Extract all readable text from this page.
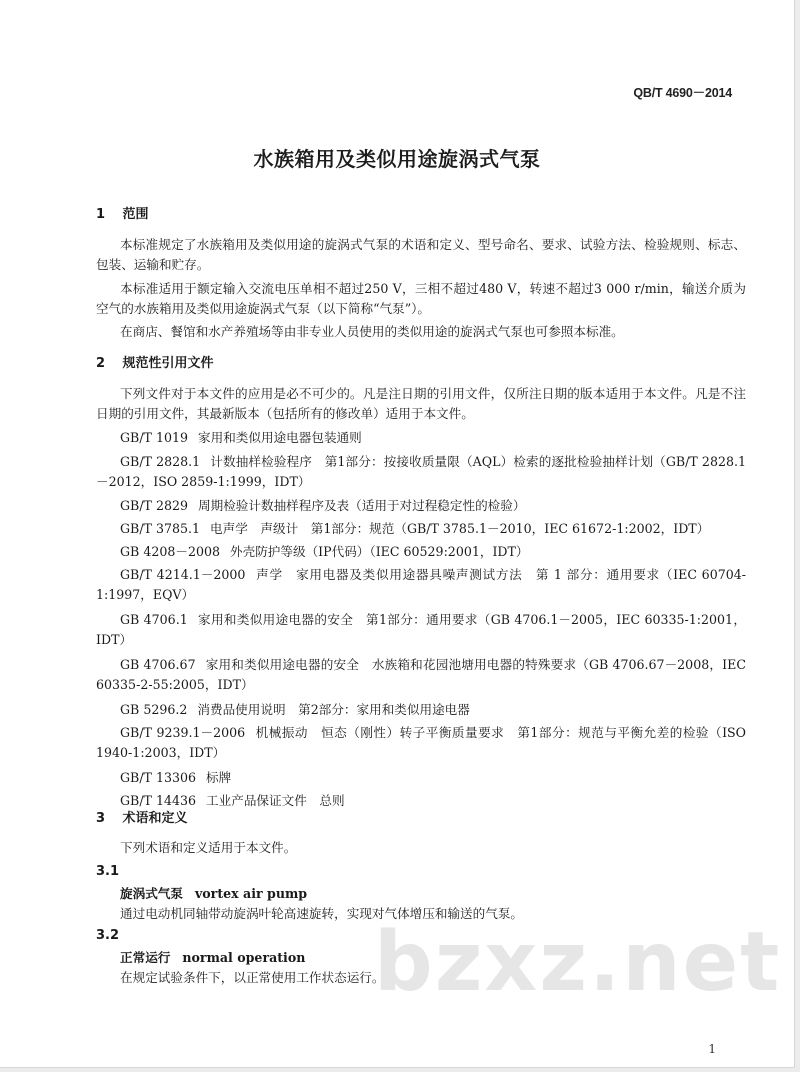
QB/T 4690－2014
水族箱用及类似用途旋涡式气泵
1 范围
本标准规定了水族箱用及类似用途的旋涡式气泵的术语和定义、型号命名、要求、试验方法、检验规则、标志、包装、运输和贮存。
本标准适用于额定输入交流电压单相不超过250 V，三相不超过480 V，转速不超过3 000 r/min，输送介质为空气的水族箱用及类似用途旋涡式气泵（以下简称“气泵”）。
在商店、餐馆和水产养殖场等由非专业人员使用的类似用途的旋涡式气泵也可参照本标准。
2 规范性引用文件
下列文件对于本文件的应用是必不可少的。凡是注日期的引用文件，仅所注日期的版本适用于本文件。凡是不注日期的引用文件，其最新版本（包括所有的修改单）适用于本文件。
GB/T 1019 家用和类似用途电器包装通则
GB/T 2828.1 计数抽样检验程序　第1部分：按接收质量限（AQL）检索的逐批检验抽样计划（GB/T 2828.1－2012，ISO 2859-1:1999，IDT）
GB/T 2829 周期检验计数抽样程序及表（适用于对过程稳定性的检验）
GB/T 3785.1 电声学　声级计　第1部分：规范（GB/T 3785.1－2010，IEC 61672-1:2002，IDT）
GB 4208－2008 外壳防护等级（IP代码）（IEC 60529:2001，IDT）
GB/T 4214.1－2000 声学　家用电器及类似用途器具噪声测试方法　第 1 部分：通用要求（IEC 60704-1:1997，EQV）
GB 4706.1 家用和类似用途电器的安全　第1部分：通用要求（GB 4706.1－2005，IEC 60335-1:2001，IDT）
GB 4706.67 家用和类似用途电器的安全　水族箱和花园池塘用电器的特殊要求（GB 4706.67－2008，IEC 60335-2-55:2005，IDT）
GB 5296.2 消费品使用说明　第2部分：家用和类似用途电器
GB/T 9239.1－2006 机械振动　恒态（刚性）转子平衡质量要求　第1部分：规范与平衡允差的检验（ISO 1940-1:2003，IDT）
GB/T 13306 标牌
GB/T 14436 工业产品保证文件　总则
3 术语和定义
下列术语和定义适用于本文件。
3.1
旋涡式气泵 vortex air pump
通过电动机同轴带动旋涡叶轮高速旋转，实现对气体增压和输送的气泵。
3.2
正常运行 normal operation
在规定试验条件下，以正常使用工作状态运行。
bzxz.net
1
